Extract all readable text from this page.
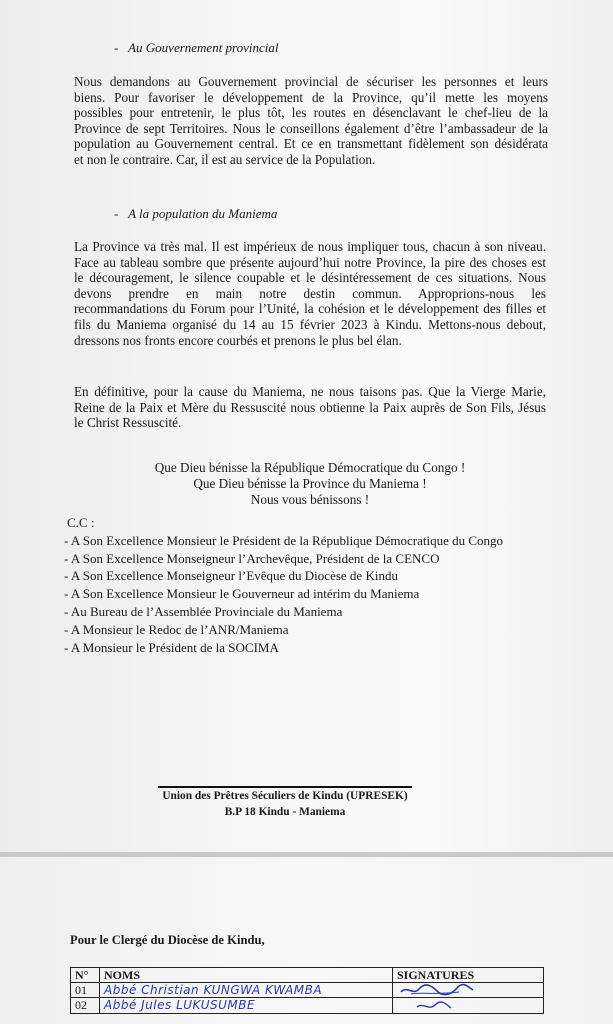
-   Au Gouvernement provincial
Nous demandons au Gouvernement provincial de sécuriser les personnes et leurs
biens. Pour favoriser le développement de la Province, qu’il mette les moyens
possibles pour entretenir, le plus tôt, les routes en désenclavant le chef-lieu de la
Province de sept Territoires. Nous le conseillons également d’être l’ambassadeur de la
population au Gouvernement central. Et ce en transmettant fidèlement son désidérata
et non le contraire. Car, il est au service de la Population.
-   A la population du Maniema
La Province va très mal. Il est impérieux de nous impliquer tous, chacun à son niveau.
Face au tableau sombre que présente aujourd’hui notre Province, la pire des choses est
le découragement, le silence coupable et le désintéressement de ces situations. Nous
devons prendre en main notre destin commun. Approprions-nous les
recommandations du Forum pour l’Unité, la cohésion et le développement des filles et
fils du Maniema organisé du 14 au 15 février 2023 à Kindu. Mettons-nous debout,
dressons nos fronts encore courbés et prenons le plus bel élan.
En définitive, pour la cause du Maniema, ne nous taisons pas. Que la Vierge Marie,
Reine de la Paix et Mère du Ressuscité nous obtienne la Paix auprès de Son Fils, Jésus
le Christ Ressuscité.
Que Dieu bénisse la République Démocratique du Congo !
Que Dieu bénisse la Province du Maniema !
Nous vous bénissons !
C.C :
- A Son Excellence Monsieur le Président de la République Démocratique du Congo
- A Son Excellence Monseigneur l’Archevêque, Président de la CENCO
- A Son Excellence Monseigneur l’Evêque du Diocèse de Kindu
- A Son Excellence Monsieur le Gouverneur ad intérim du Maniema
- Au Bureau de l’Assemblée Provinciale du Maniema
- A Monsieur le Redoc de l’ANR/Maniema
- A Monsieur le Président de la SOCIMA
Union des Prêtres Séculiers de Kindu (UPRESEK)
B.P 18 Kindu - Maniema
Pour le Clergé du Diocèse de Kindu,
N°	NOMS	SIGNATURES
01	Abbé Christian KUNGWA KWAMBA	
02	Abbé Jules LUKUSUMBE	
